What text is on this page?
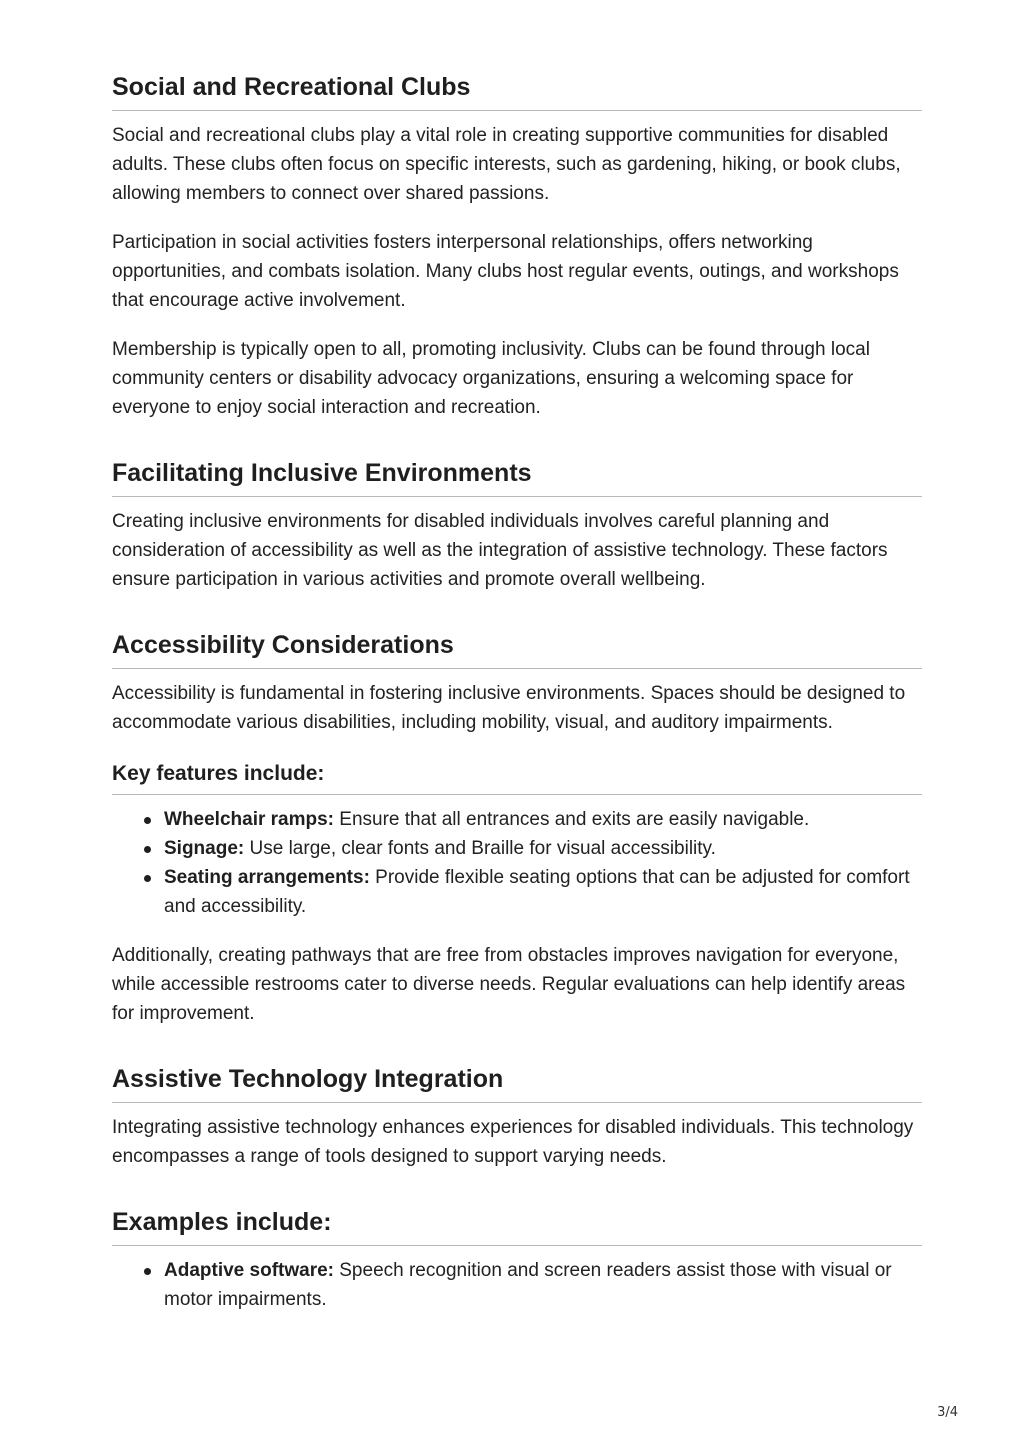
Social and Recreational Clubs

Social and recreational clubs play a vital role in creating supportive communities for disabled adults. These clubs often focus on specific interests, such as gardening, hiking, or book clubs, allowing members to connect over shared passions.

Participation in social activities fosters interpersonal relationships, offers networking opportunities, and combats isolation. Many clubs host regular events, outings, and workshops that encourage active involvement.

Membership is typically open to all, promoting inclusivity. Clubs can be found through local community centers or disability advocacy organizations, ensuring a welcoming space for everyone to enjoy social interaction and recreation.

Facilitating Inclusive Environments

Creating inclusive environments for disabled individuals involves careful planning and consideration of accessibility as well as the integration of assistive technology. These factors ensure participation in various activities and promote overall wellbeing.

Accessibility Considerations

Accessibility is fundamental in fostering inclusive environments. Spaces should be designed to accommodate various disabilities, including mobility, visual, and auditory impairments.

Key features include:
Wheelchair ramps: Ensure that all entrances and exits are easily navigable.
Signage: Use large, clear fonts and Braille for visual accessibility.
Seating arrangements: Provide flexible seating options that can be adjusted for comfort and accessibility.

Additionally, creating pathways that are free from obstacles improves navigation for everyone, while accessible restrooms cater to diverse needs. Regular evaluations can help identify areas for improvement.

Assistive Technology Integration

Integrating assistive technology enhances experiences for disabled individuals. This technology encompasses a range of tools designed to support varying needs.

Examples include:
Adaptive software: Speech recognition and screen readers assist those with visual or motor impairments.
3/4
